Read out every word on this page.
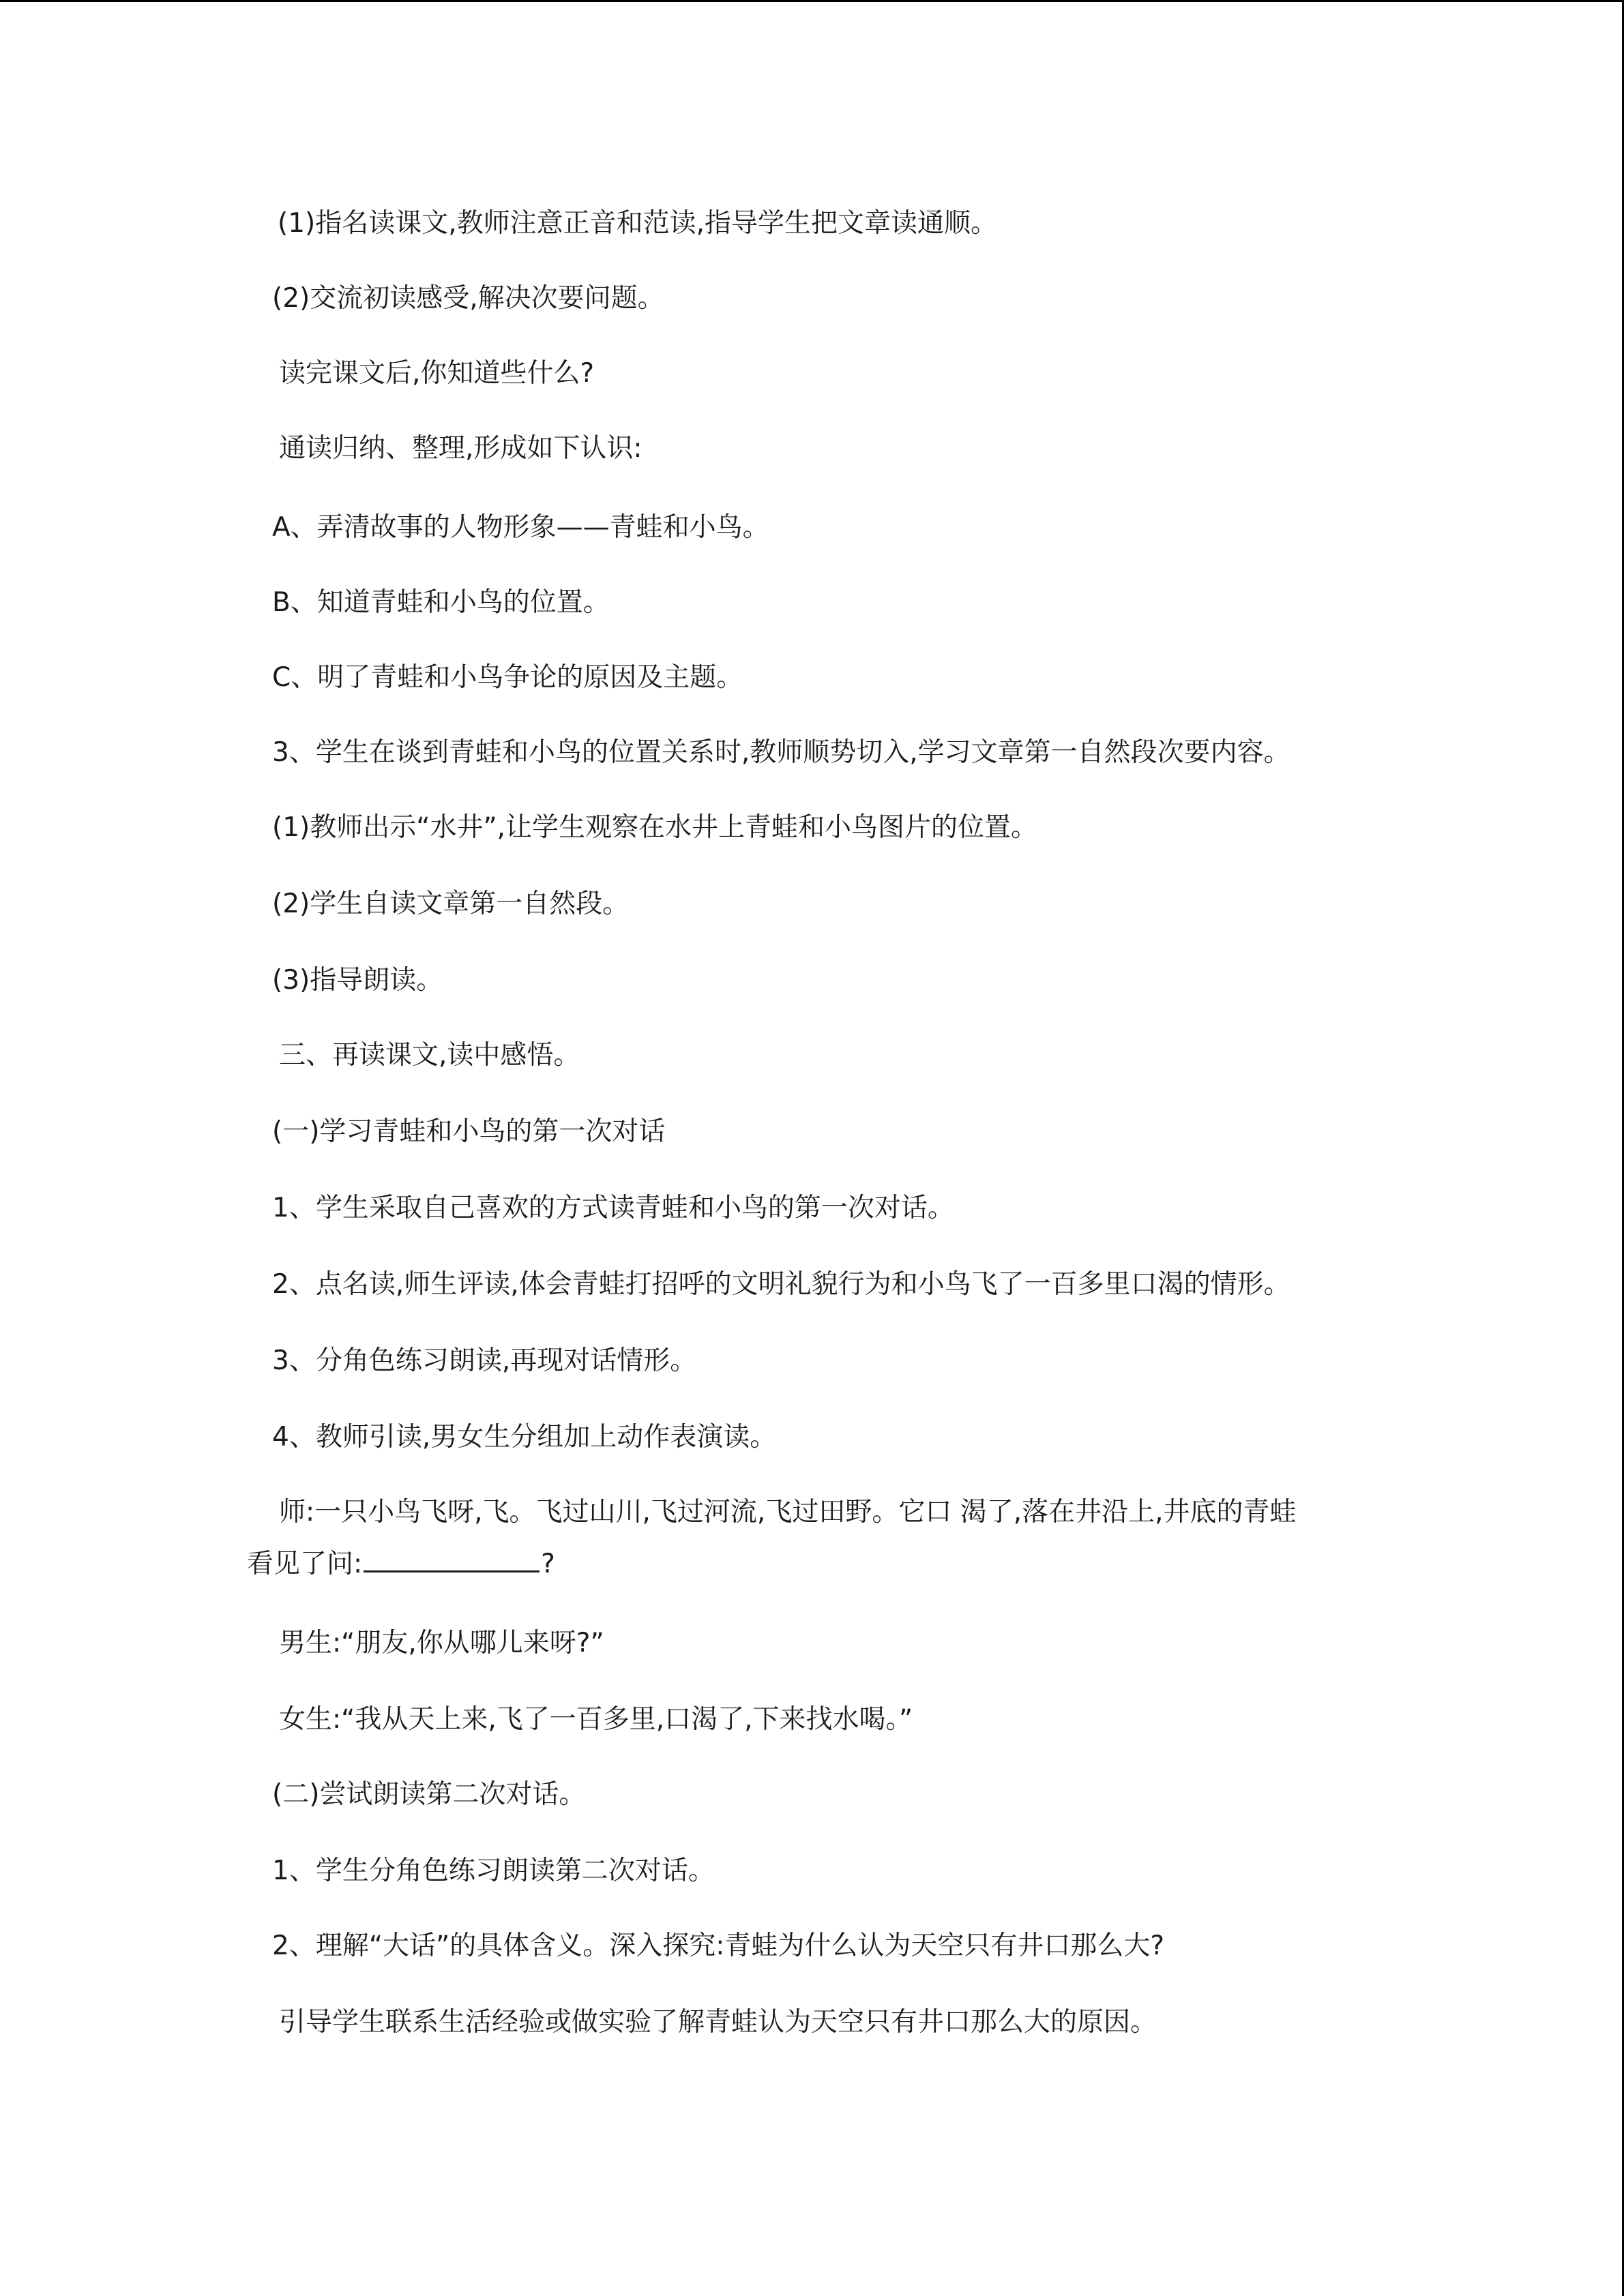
(1)指名读课文,教师注意正音和范读,指导学生把文章读通顺。

(2)交流初读感受,解决次要问题。

读完课文后,你知道些什么?

通读归纳、整理,形成如下认识:

A、弄清故事的人物形象——青蛙和小鸟。

B、知道青蛙和小鸟的位置。

C、明了青蛙和小鸟争论的原因及主题。

3、学生在谈到青蛙和小鸟的位置关系时,教师顺势切入,学习文章第一自然段次要内容。

(1)教师出示“水井”,让学生观察在水井上青蛙和小鸟图片的位置。

(2)学生自读文章第一自然段。

(3)指导朗读。

三、再读课文,读中感悟。

(一)学习青蛙和小鸟的第一次对话

1、学生采取自己喜欢的方式读青蛙和小鸟的第一次对话。

2、点名读,师生评读,体会青蛙打招呼的文明礼貌行为和小鸟飞了一百多里口渴的情形。

3、分角色练习朗读,再现对话情形。

4、教师引读,男女生分组加上动作表演读。

师:一只小鸟飞呀,飞。飞过山川,飞过河流,飞过田野。它口 渴了,落在井沿上,井底的青蛙

看见了问:	?

男生:“朋友,你从哪儿来呀?”

女生:“我从天上来,飞了一百多里,口渴了,下来找水喝。”

(二)尝试朗读第二次对话。

1、学生分角色练习朗读第二次对话。

2、理解“大话”的具体含义。深入探究:青蛙为什么认为天空只有井口那么大?

引导学生联系生活经验或做实验了解青蛙认为天空只有井口那么大的原因。
